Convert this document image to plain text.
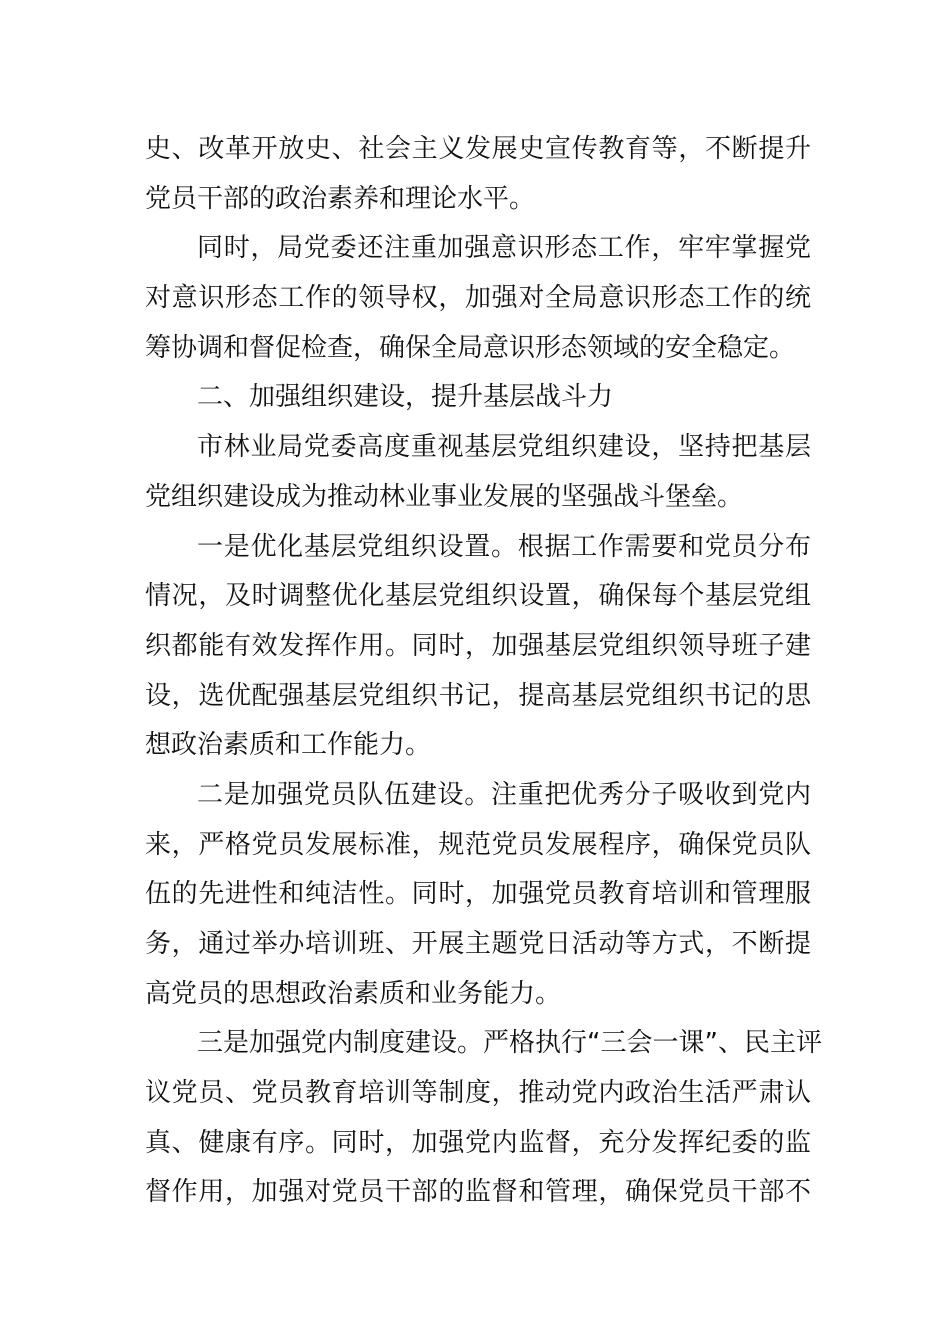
史、改革开放史、社会主义发展史宣传教育等，不断提升
党员干部的政治素养和理论水平。
同时，局党委还注重加强意识形态工作，牢牢掌握党
对意识形态工作的领导权，加强对全局意识形态工作的统
筹协调和督促检查，确保全局意识形态领域的安全稳定。
二、加强组织建设，提升基层战斗力
市林业局党委高度重视基层党组织建设，坚持把基层
党组织建设成为推动林业事业发展的坚强战斗堡垒。
一是优化基层党组织设置。根据工作需要和党员分布
情况，及时调整优化基层党组织设置，确保每个基层党组
织都能有效发挥作用。同时，加强基层党组织领导班子建
设，选优配强基层党组织书记，提高基层党组织书记的思
想政治素质和工作能力。
二是加强党员队伍建设。注重把优秀分子吸收到党内
来，严格党员发展标准，规范党员发展程序，确保党员队
伍的先进性和纯洁性。同时，加强党员教育培训和管理服
务，通过举办培训班、开展主题党日活动等方式，不断提
高党员的思想政治素质和业务能力。
三是加强党内制度建设。严格执行“三会一课”、民主评
议党员、党员教育培训等制度，推动党内政治生活严肃认
真、健康有序。同时，加强党内监督，充分发挥纪委的监
督作用，加强对党员干部的监督和管理，确保党员干部不
